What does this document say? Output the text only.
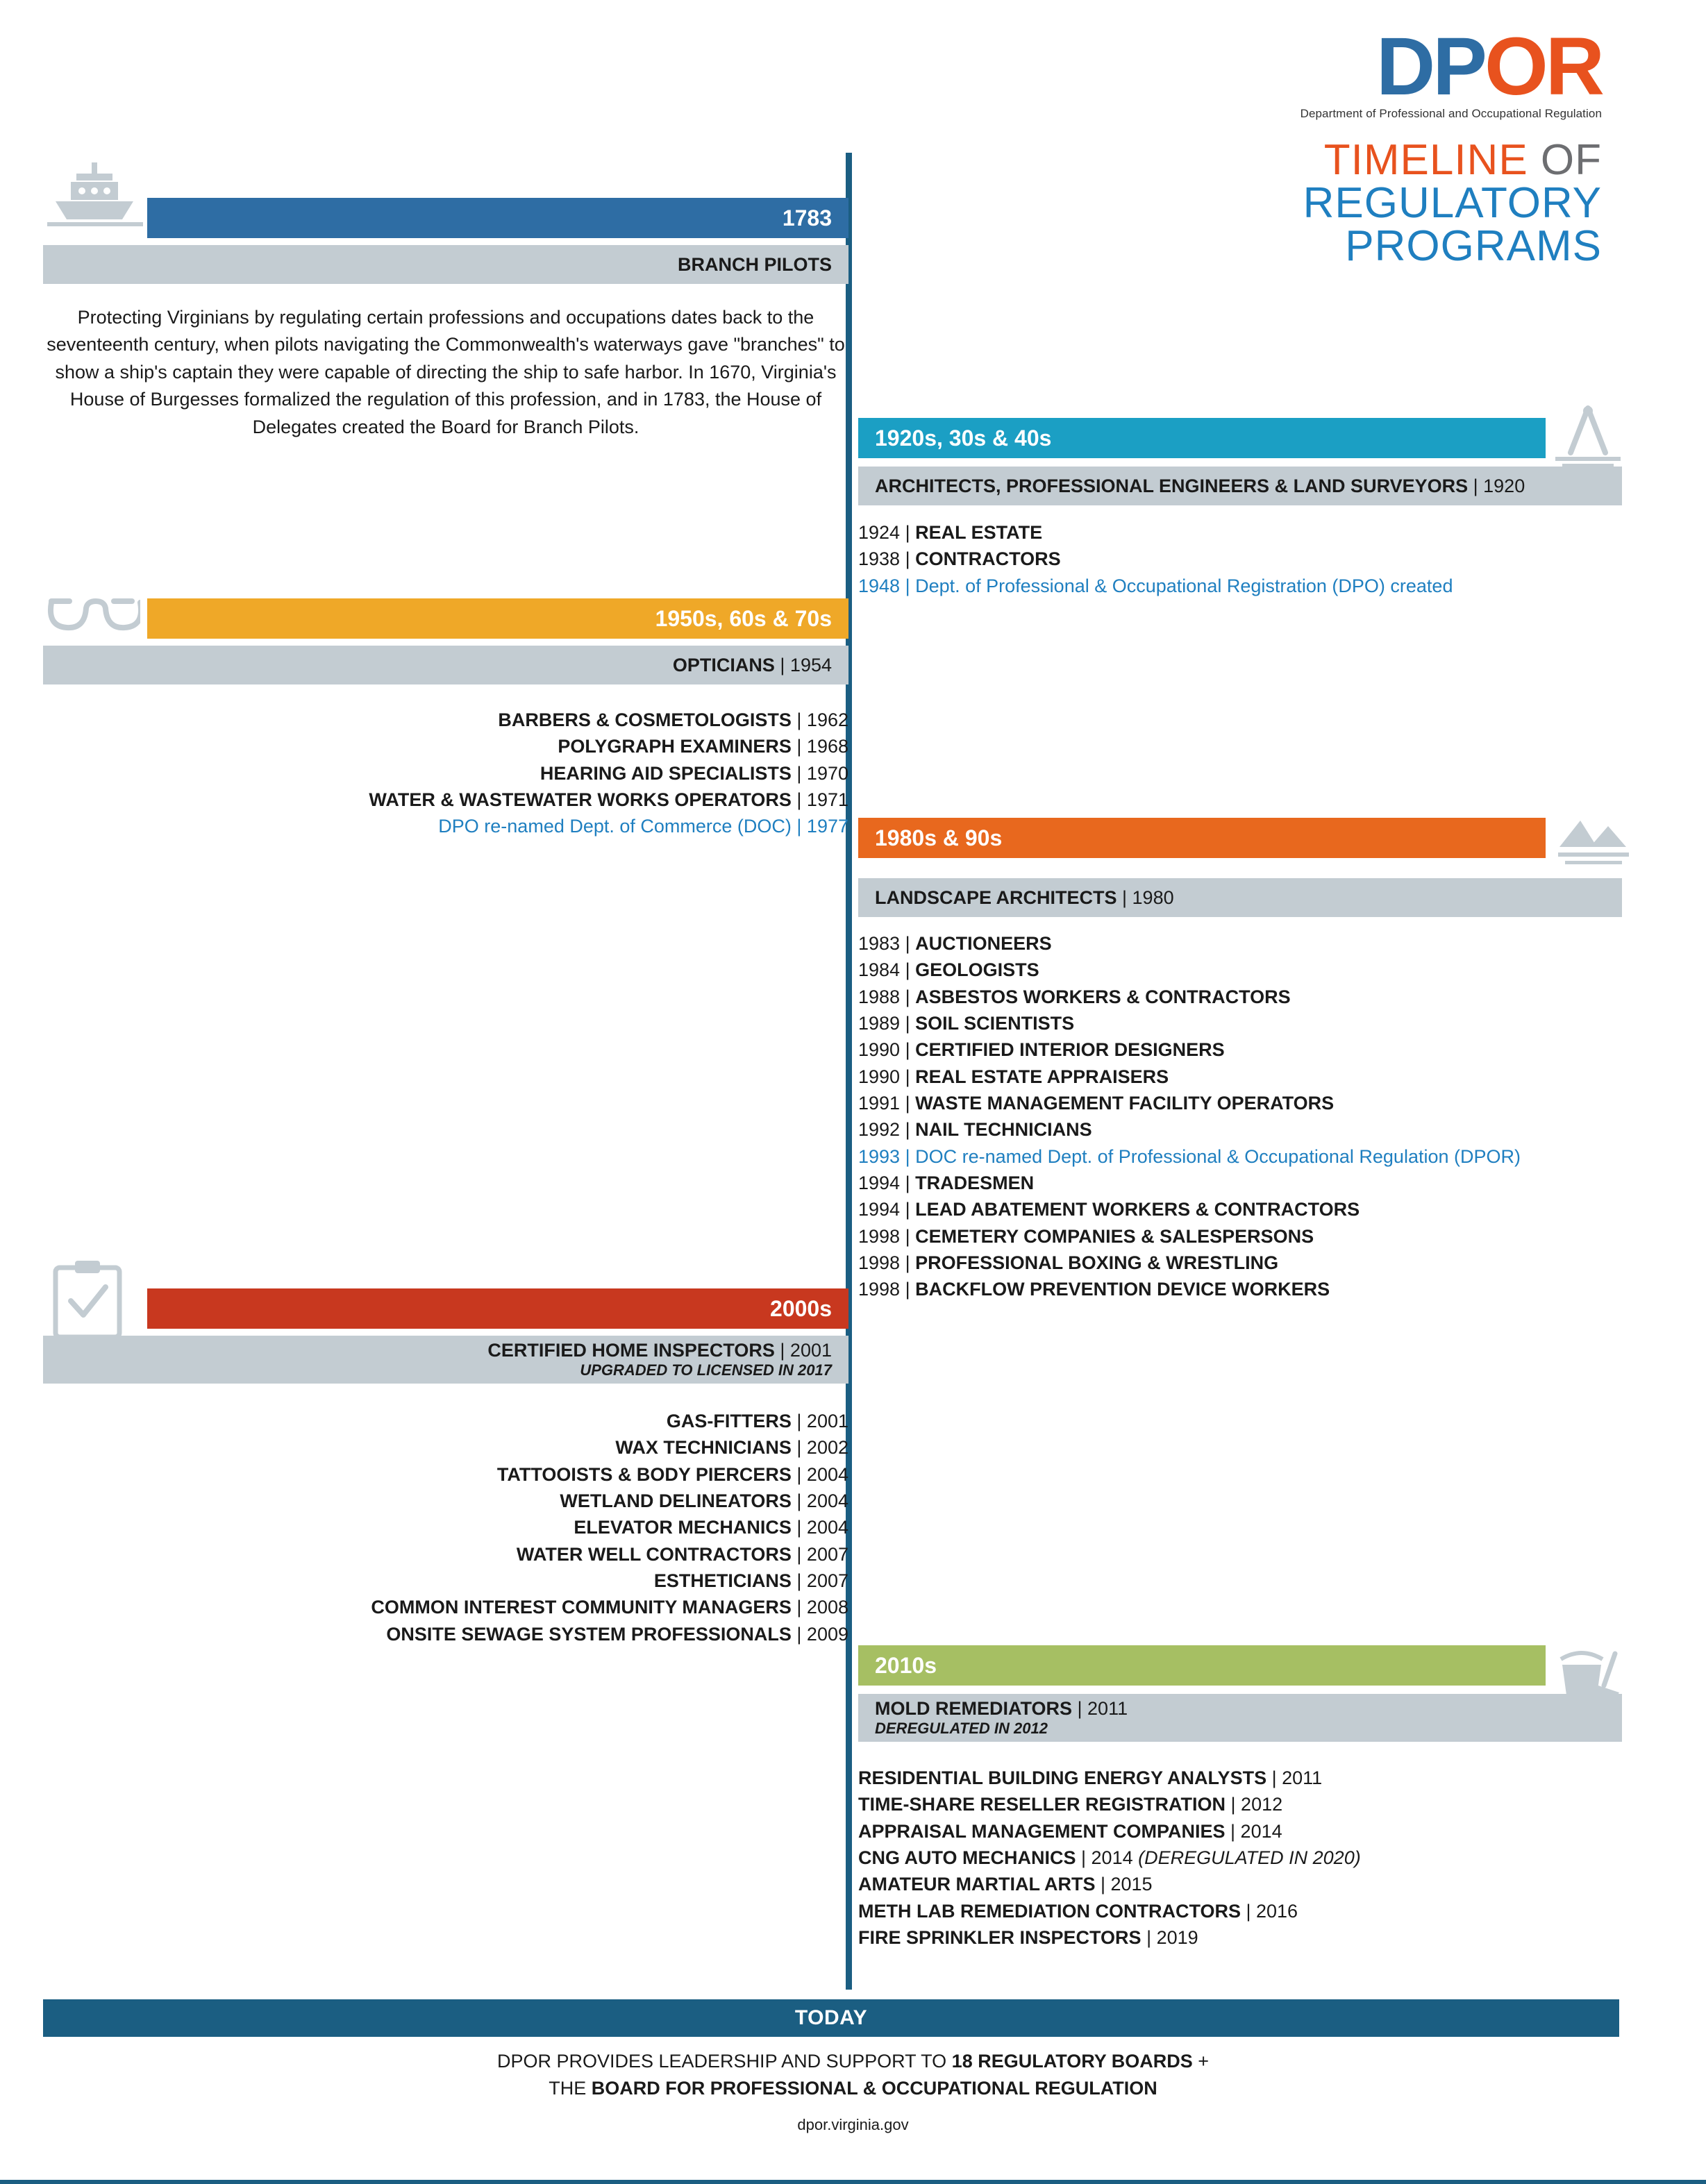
D P O R
Department of Professional and Occupational Regulation
TIMELINE OF
REGULATORY
PROGRAMS
1783
BRANCH PILOTS
Protecting Virginians by regulating certain professions and occupations dates back to the seventeenth century, when pilots navigating the Commonwealth's waterways gave "branches" to show a ship's captain they were capable of directing the ship to safe harbor. In 1670, Virginia's House of Burgesses formalized the regulation of this profession, and in 1783, the House of Delegates created the Board for Branch Pilots.	1920s, 30s & 40s
ARCHITECTS, PROFESSIONAL ENGINEERS & LAND SURVEYORS | 1920
1924 | REAL ESTATE
1938 | CONTRACTORS
1948 | Dept. of Professional & Occupational Registration (DPO) created
1950s, 60s & 70s
OPTICIANS | 1954
BARBERS & COSMETOLOGISTS | 1962
POLYGRAPH EXAMINERS | 1968
HEARING AID SPECIALISTS | 1970
WATER & WASTEWATER WORKS OPERATORS | 1971
DPO re-named Dept. of Commerce (DOC) | 1977 1980s & 90s
LANDSCAPE ARCHITECTS | 1980
1983 | AUCTIONEERS
1984 | GEOLOGISTS
1988 | ASBESTOS WORKERS & CONTRACTORS
1989 | SOIL SCIENTISTS
1990 | CERTIFIED INTERIOR DESIGNERS
1990 | REAL ESTATE APPRAISERS
1991 | WASTE MANAGEMENT FACILITY OPERATORS
1992 | NAIL TECHNICIANS
1993 | DOC re-named Dept. of Professional & Occupational Regulation (DPOR)
1994 | TRADESMEN
1994 | LEAD ABATEMENT WORKERS & CONTRACTORS
1998 | CEMETERY COMPANIES & SALESPERSONS
1998 | PROFESSIONAL BOXING & WRESTLING
1998 | BACKFLOW PREVENTION DEVICE WORKERS
2000s
CERTIFIED HOME INSPECTORS | 2001
UPGRADED TO LICENSED IN 2017
GAS-FITTERS | 2001
WAX TECHNICIANS | 2002
TATTOOISTS & BODY PIERCERS | 2004
WETLAND DELINEATORS | 2004
ELEVATOR MECHANICS | 2004
WATER WELL CONTRACTORS | 2007
ESTHETICIANS | 2007
COMMON INTEREST COMMUNITY MANAGERS | 2008
ONSITE SEWAGE SYSTEM PROFESSIONALS | 2009
2010s
MOLD REMEDIATORS | 2011
DEREGULATED IN 2012
RESIDENTIAL BUILDING ENERGY ANALYSTS | 2011
TIME-SHARE RESELLER REGISTRATION | 2012
APPRAISAL MANAGEMENT COMPANIES | 2014
CNG AUTO MECHANICS | 2014 (DEREGULATED IN 2020)
AMATEUR MARTIAL ARTS | 2015
METH LAB REMEDIATION CONTRACTORS | 2016
FIRE SPRINKLER INSPECTORS | 2019
TODAY
DPOR PROVIDES LEADERSHIP AND SUPPORT TO 18 REGULATORY BOARDS +
THE BOARD FOR PROFESSIONAL & OCCUPATIONAL REGULATION
dpor.virginia.gov
